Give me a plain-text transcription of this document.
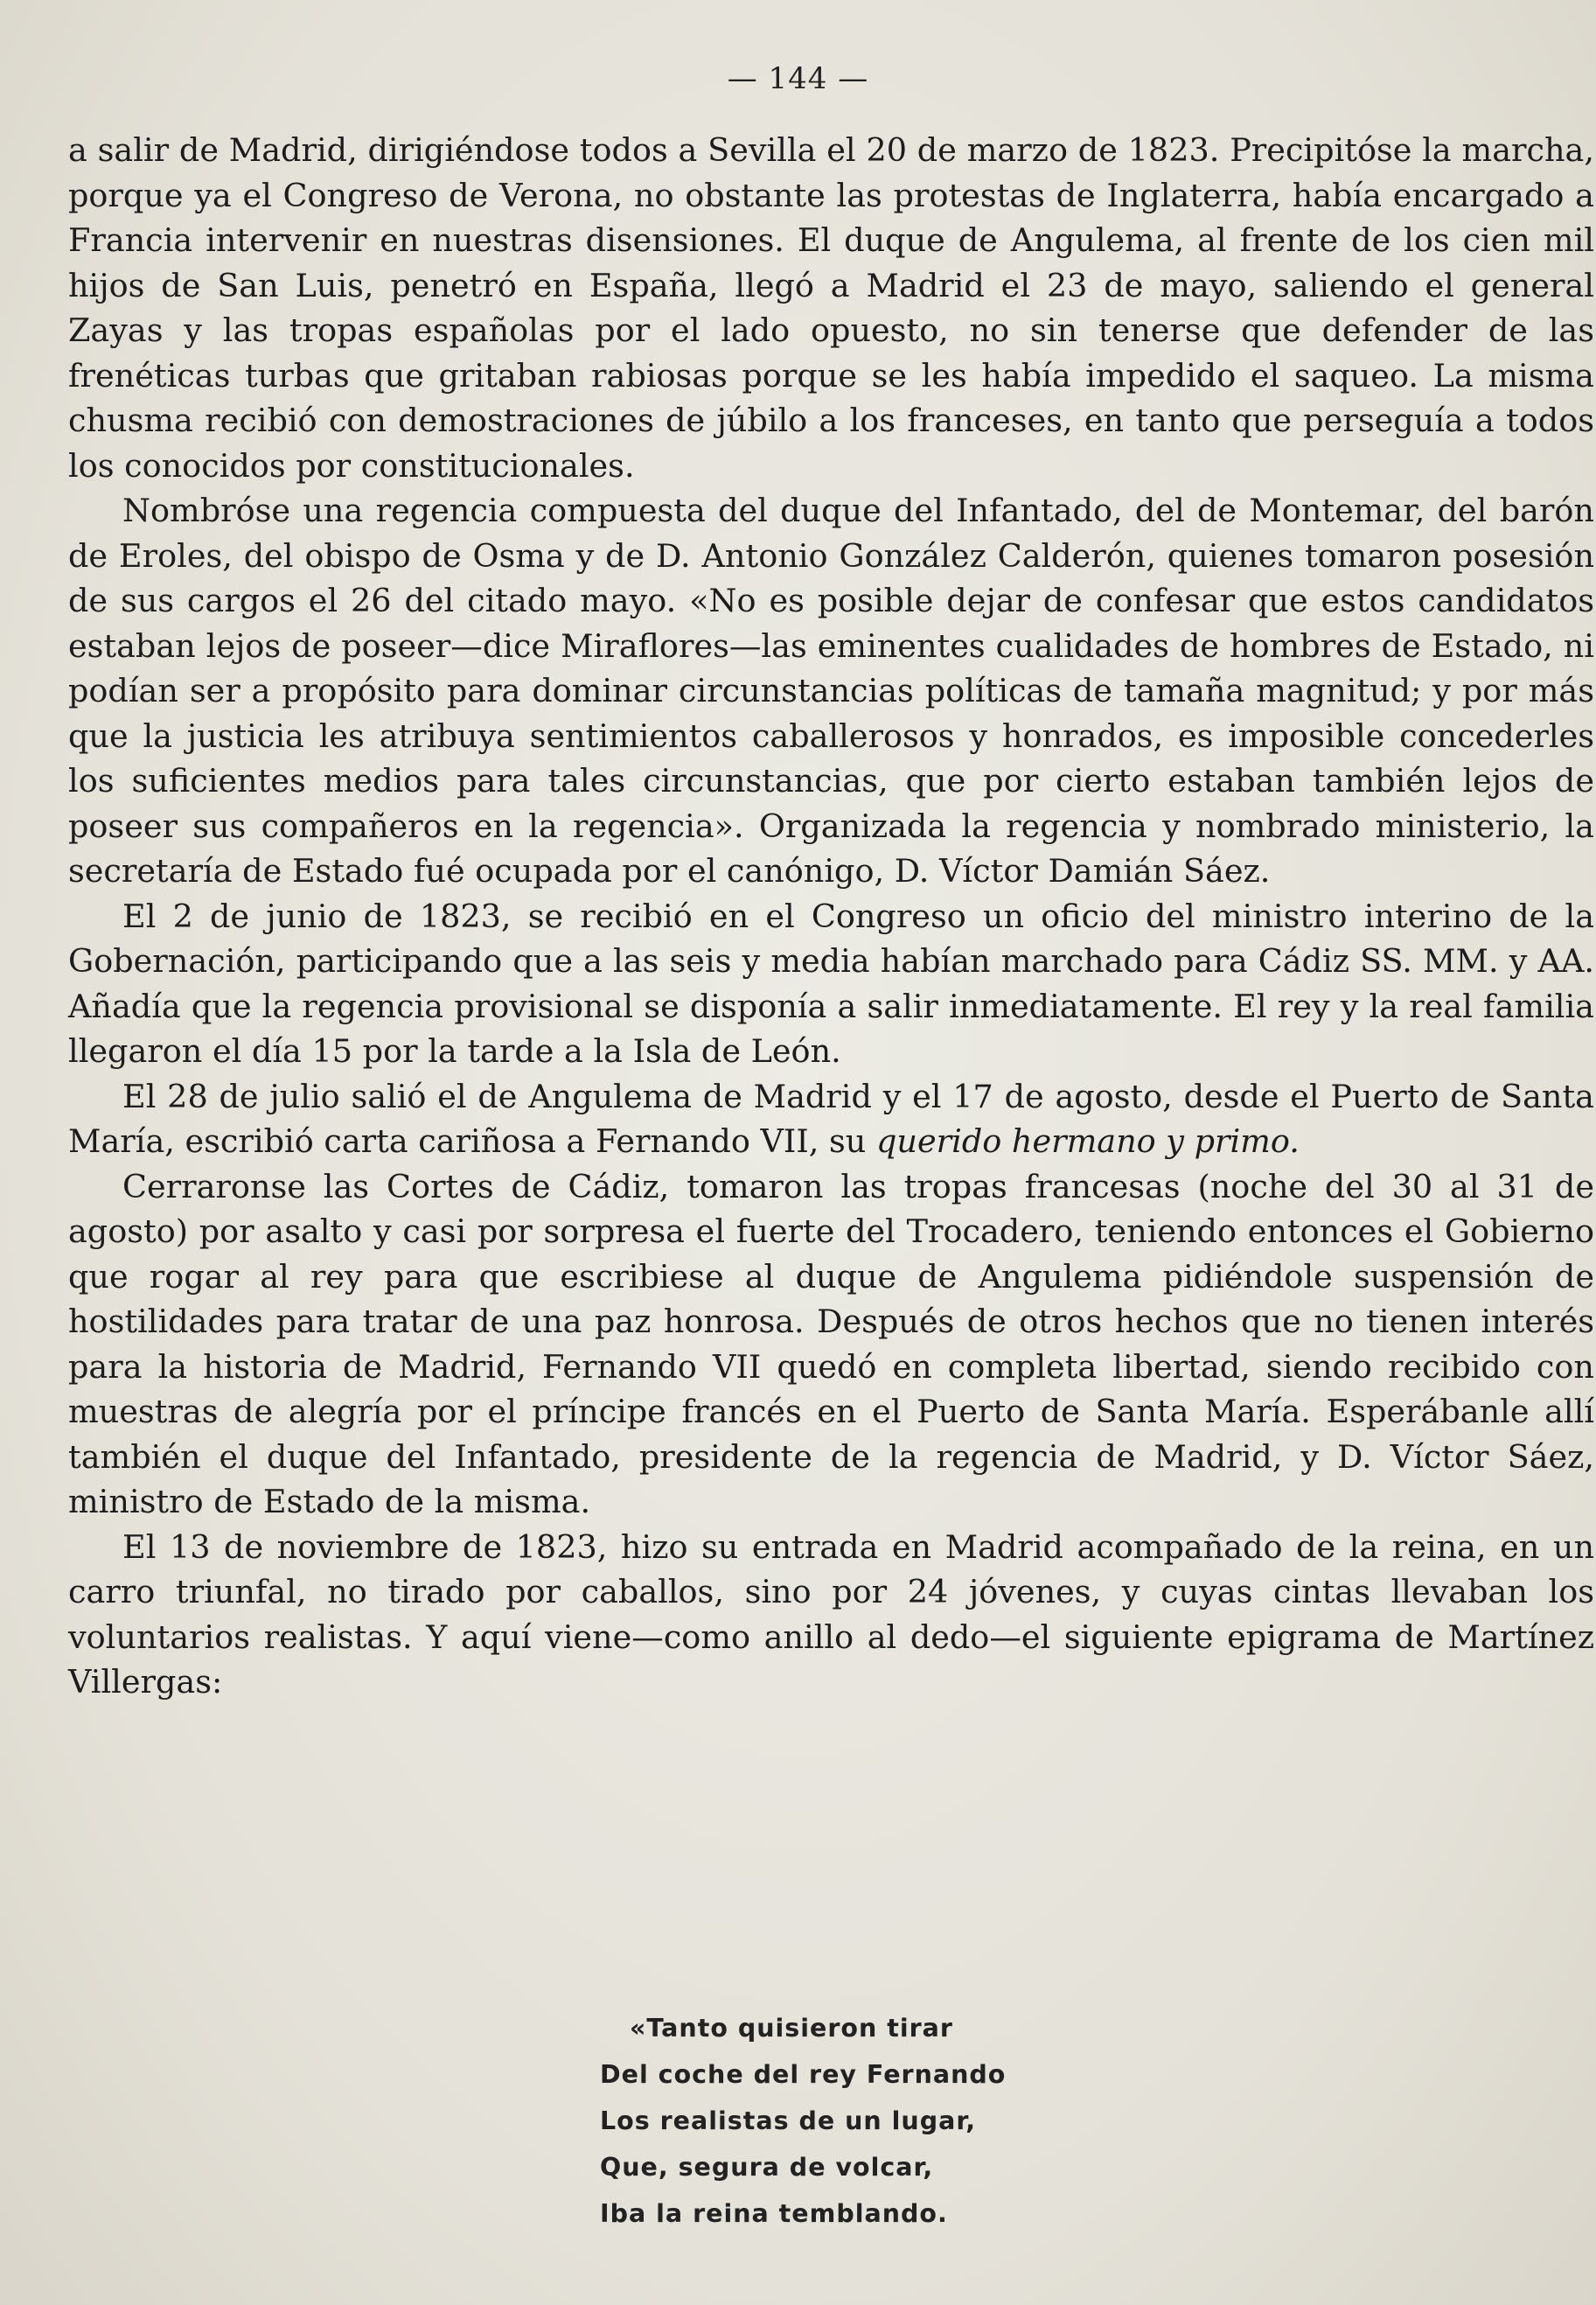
— 144 —

a salir de Madrid, dirigiéndose todos a Sevilla el 20 de marzo de 1823. Precipitóse la marcha, porque ya el Congreso de Verona, no obstante las protestas de Inglaterra, había encargado a Francia intervenir en nuestras disensiones. El duque de Angulema, al frente de los cien mil hijos de San Luis, penetró en España, llegó a Madrid el 23 de mayo, saliendo el general Zayas y las tropas españolas por el lado opuesto, no sin tenerse que defender de las frenéticas turbas que gritaban rabiosas porque se les había impedido el saqueo. La misma chusma recibió con demostraciones de júbilo a los franceses, en tanto que perseguía a todos los conocidos por constitucionales.

Nombróse una regencia compuesta del duque del Infantado, del de Montemar, del barón de Eroles, del obispo de Osma y de D. Antonio González Calderón, quienes tomaron posesión de sus cargos el 26 del citado mayo. «No es posible dejar de confesar que estos candidatos estaban lejos de poseer—dice Miraflores—las eminentes cualidades de hombres de Estado, ni podían ser a propósito para dominar circunstancias políticas de tamaña magnitud; y por más que la justicia les atribuya sentimientos caballerosos y honrados, es imposible concederles los suficientes medios para tales circunstancias, que por cierto estaban también lejos de poseer sus compañeros en la regencia». Organizada la regencia y nombrado ministerio, la secretaría de Estado fué ocupada por el canónigo, D. Víctor Damián Sáez.

El 2 de junio de 1823, se recibió en el Congreso un oficio del ministro interino de la Gobernación, participando que a las seis y media habían marchado para Cádiz SS. MM. y AA. Añadía que la regencia provisional se disponía a salir inmediatamente. El rey y la real familia llegaron el día 15 por la tarde a la Isla de León.

El 28 de julio salió el de Angulema de Madrid y el 17 de agosto, desde el Puerto de Santa María, escribió carta cariñosa a Fernando VII, su querido hermano y primo.

Cerraronse las Cortes de Cádiz, tomaron las tropas francesas (noche del 30 al 31 de agosto) por asalto y casi por sorpresa el fuerte del Trocadero, teniendo entonces el Gobierno que rogar al rey para que escribiese al duque de Angulema pidiéndole suspensión de hostilidades para tratar de una paz honrosa. Después de otros hechos que no tienen interés para la historia de Madrid, Fernando VII quedó en completa libertad, siendo recibido con muestras de alegría por el príncipe francés en el Puerto de Santa María. Esperábanle allí también el duque del Infantado, presidente de la regencia de Madrid, y D. Víctor Sáez, ministro de Estado de la misma.

El 13 de noviembre de 1823, hizo su entrada en Madrid acompañado de la reina, en un carro triunfal, no tirado por caballos, sino por 24 jóvenes, y cuyas cintas llevaban los voluntarios realistas. Y aquí viene—como anillo al dedo—el siguiente epigrama de Martínez Villergas:

«Tanto quisieron tirar
Del coche del rey Fernando
Los realistas de un lugar,
Que, segura de volcar,
Iba la reina temblando.
